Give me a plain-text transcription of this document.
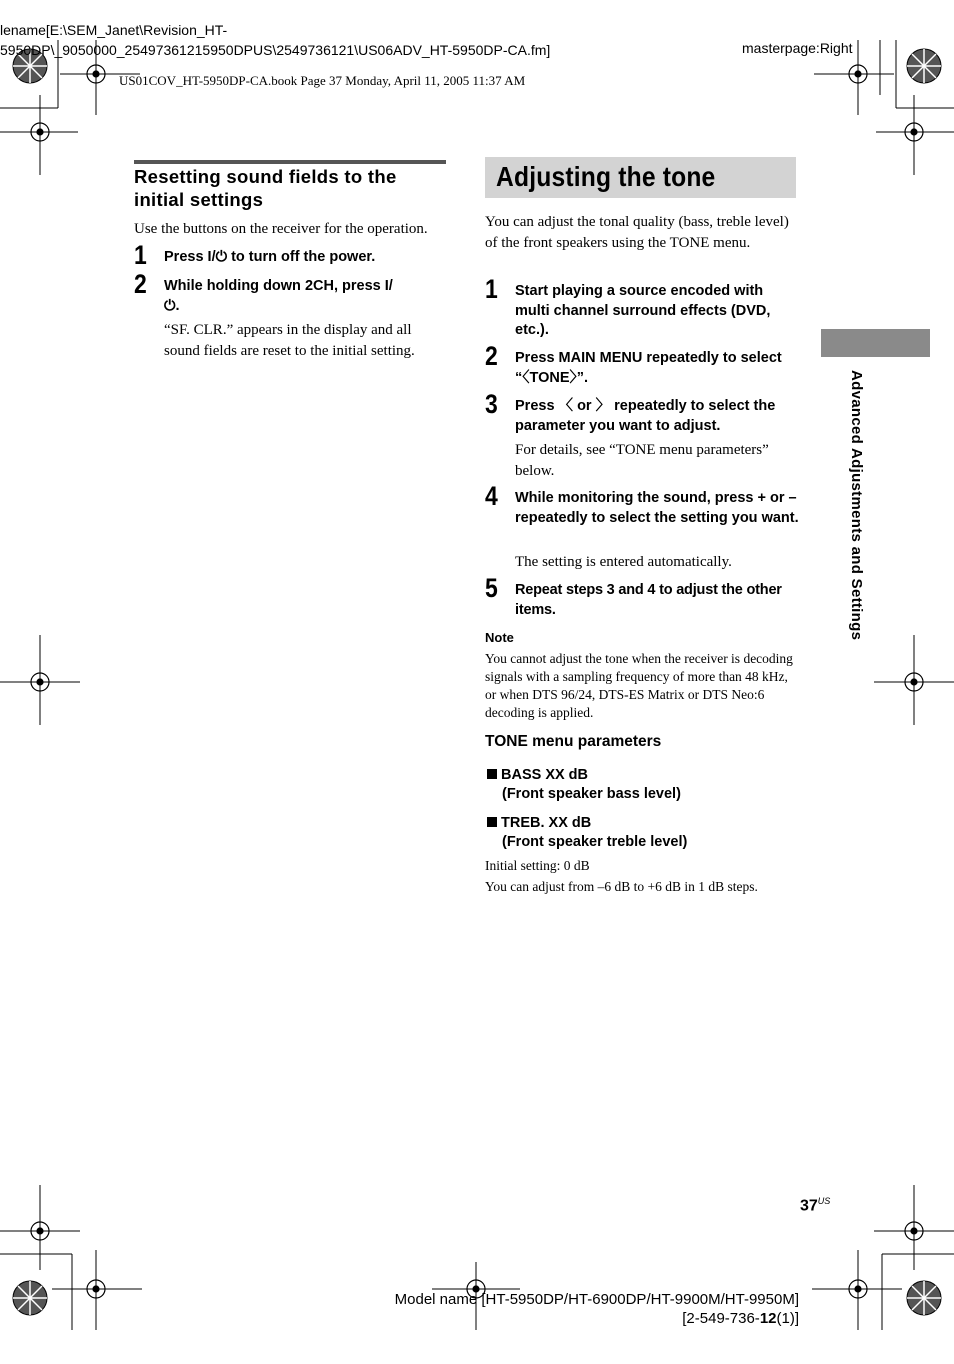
lename[E:\SEM_Janet\Revision_HT-5950DP\_9050000_25497361215950DPUS\2549736121\US06ADV_HT-5950DP-CA.fm]	masterpage:Right
US01COV_HT-5950DP-CA.book Page 37 Monday, April 11, 2005 11:37 AM
Resetting sound fields to the initial settings
Use the buttons on the receiver for the operation.
1 Press I/⏻ to turn off the power.
2 While holding down 2CH, press I/⏻.
“SF. CLR.” appears in the display and all sound fields are reset to the initial setting.
Adjusting the tone
You can adjust the tonal quality (bass, treble level) of the front speakers using the TONE menu.
1 Start playing a source encoded with multi channel surround effects (DVD, etc.).
2 Press MAIN MENU repeatedly to select “〈TONE〉”.
3 Press 〈 or 〉 repeatedly to select the parameter you want to adjust.
For details, see “TONE menu parameters” below.
4 While monitoring the sound, press + or – repeatedly to select the setting you want.
The setting is entered automatically.
5 Repeat steps 3 and 4 to adjust the other items.
Note
You cannot adjust the tone when the receiver is decoding signals with a sampling frequency of more than 48 kHz, or when DTS 96/24, DTS-ES Matrix or DTS Neo:6 decoding is applied.
TONE menu parameters
BASS XX dB
(Front speaker bass level)
TREB. XX dB
(Front speaker treble level)
Initial setting: 0 dB
You can adjust from –6 dB to +6 dB in 1 dB steps.
Advanced Adjustments and Settings
$37^{US}$
Model name [HT-5950DP/HT-6900DP/HT-9900M/HT-9950M]
[2-549-736-12(1)]
